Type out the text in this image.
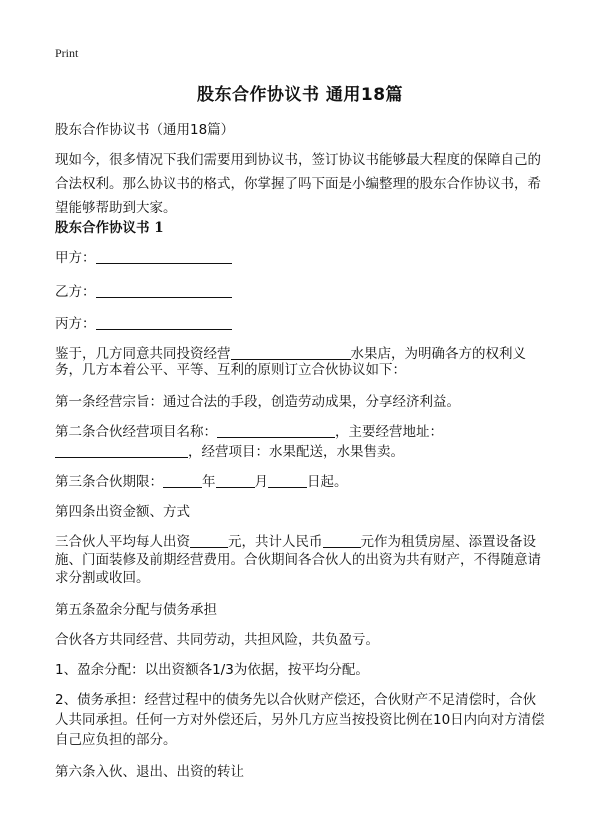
Print
股东合作协议书 通用18篇
股东合作协议书（通用18篇）
现如今，很多情况下我们需要用到协议书，签订协议书能够最大程度的保障自己的
合法权利。那么协议书的格式，你掌握了吗下面是小编整理的股东合作协议书，希
望能够帮助到大家。
股东合作协议书 1
甲方：
乙方：
丙方：
鉴于，几方同意共同投资经营	水果店，为明确各方的权利义
务，几方本着公平、平等、互利的原则订立合伙协议如下：
第一条经营宗旨：通过合法的手段，创造劳动成果，分享经济利益。
第二条合伙经营项目名称：	，主要经营地址：
，经营项目：水果配送，水果售卖。
第三条合伙期限：	年	月	日起。
第四条出资金额、方式
三合伙人平均每人出资	元，共计人民币	元作为租赁房屋、添置设备设
施、门面装修及前期经营费用。合伙期间各合伙人的出资为共有财产，不得随意请
求分割或收回。
第五条盈余分配与债务承担
合伙各方共同经营、共同劳动，共担风险，共负盈亏。
1、盈余分配：以出资额各1/3为依据，按平均分配。
2、债务承担：经营过程中的债务先以合伙财产偿还，合伙财产不足清偿时，合伙
人共同承担。任何一方对外偿还后，另外几方应当按投资比例在10日内向对方清偿
自己应负担的部分。
第六条入伙、退出、出资的转让
